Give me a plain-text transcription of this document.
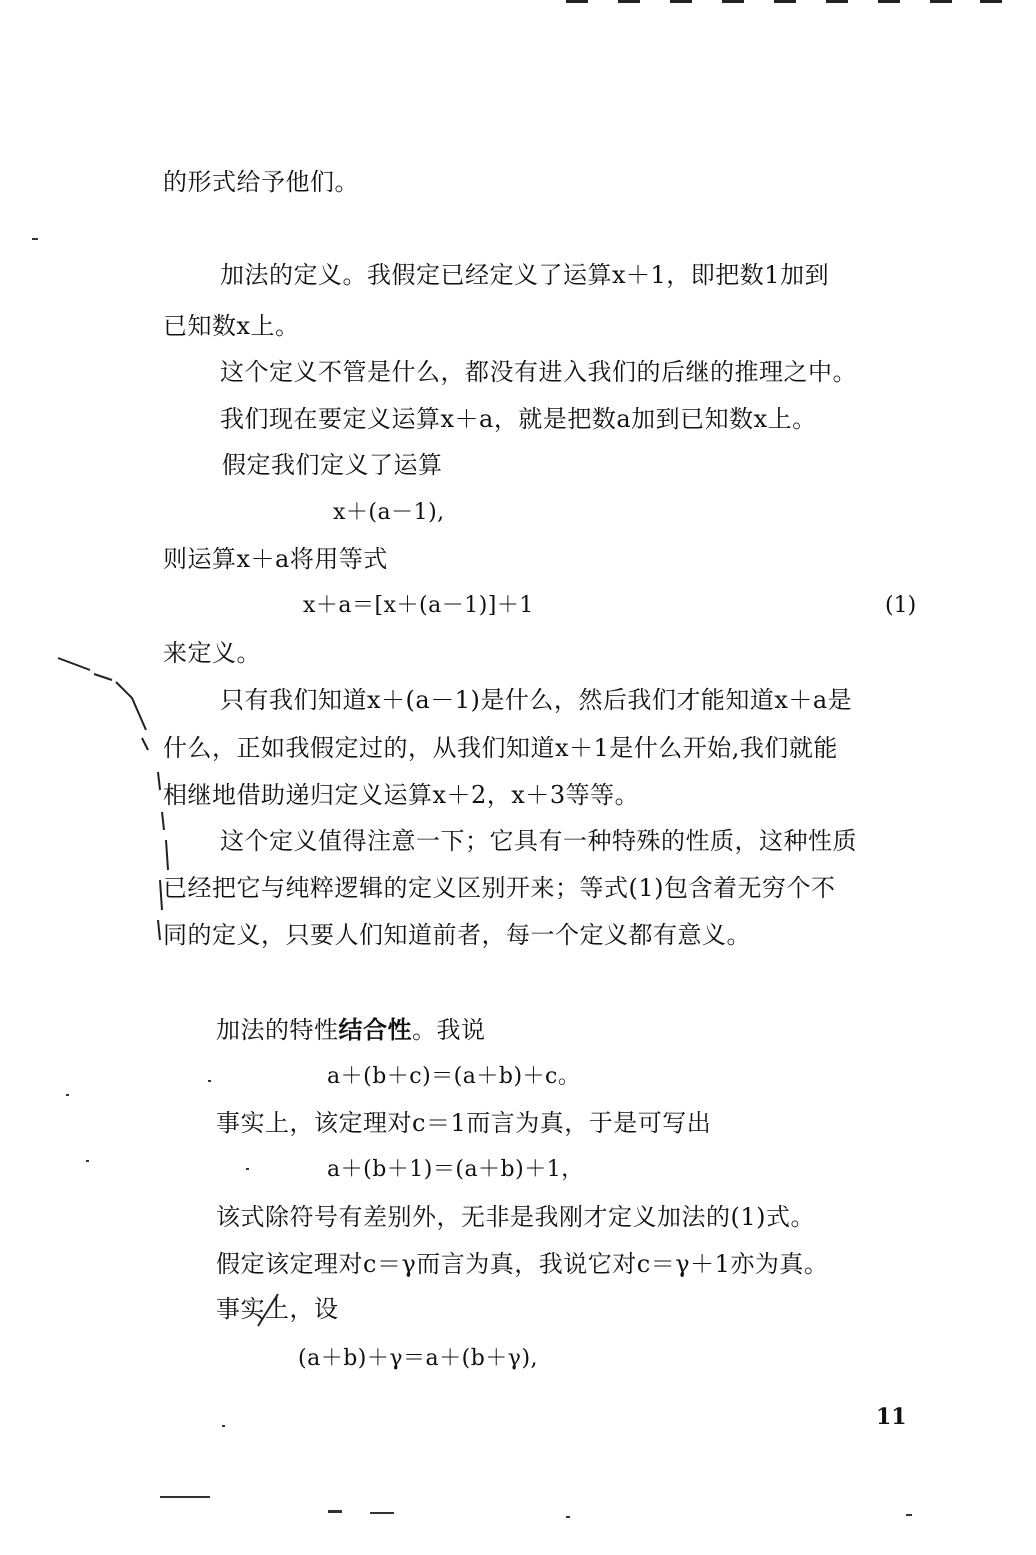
的形式给予他们。
加法的定义。我假定已经定义了运算x＋1，即把数1加到
已知数x上。
这个定义不管是什么，都没有进入我们的后继的推理之中。
我们现在要定义运算x＋a，就是把数a加到已知数x上。
假定我们定义了运算
x＋(a－1),
则运算x＋a将用等式
x＋a＝[x＋(a－1)]＋1	(1)
来定义。
只有我们知道x＋(a－1)是什么，然后我们才能知道x＋a是
什么，正如我假定过的，从我们知道x＋1是什么开始,我们就能
相继地借助递归定义运算x＋2，x＋3等等。
这个定义值得注意一下；它具有一种特殊的性质，这种性质
已经把它与纯粹逻辑的定义区别开来；等式(1)包含着无穷个不
同的定义，只要人们知道前者，每一个定义都有意义。
加法的特性结合性。我说
a＋(b＋c)＝(a＋b)＋c。
事实上，该定理对c＝1而言为真，于是可写出
a＋(b＋1)＝(a＋b)＋1，
该式除符号有差别外，无非是我刚才定义加法的(1)式。
假定该定理对c＝γ而言为真，我说它对c＝γ＋1亦为真。
事实上，设
(a＋b)＋γ＝a＋(b＋γ),
11
